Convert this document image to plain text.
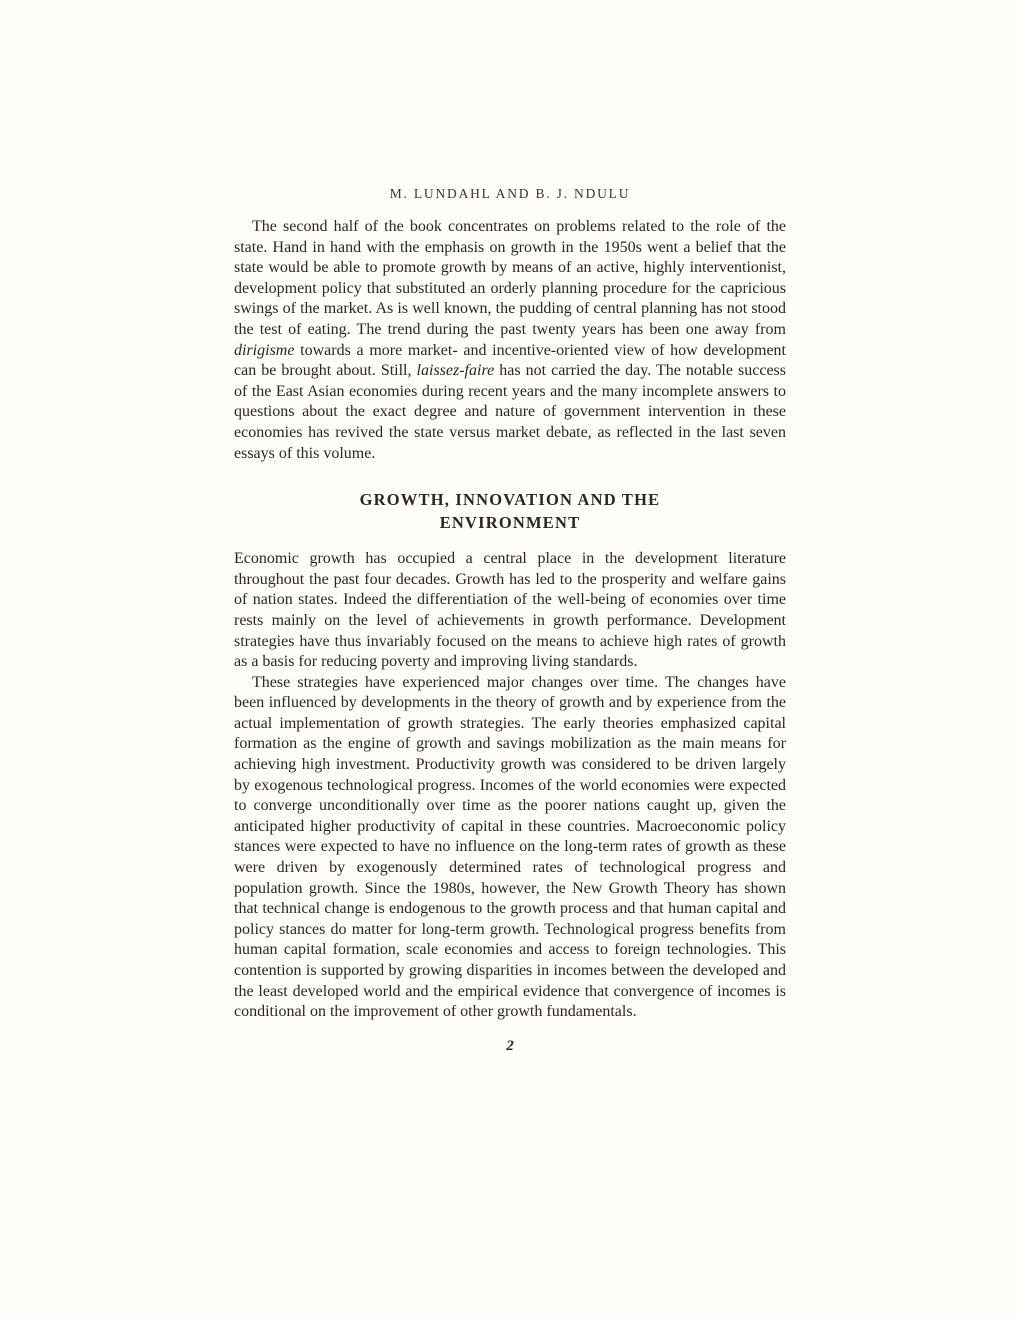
M. LUNDAHL AND B. J. NDULU

The second half of the book concentrates on problems related to the role of the state. Hand in hand with the emphasis on growth in the 1950s went a belief that the state would be able to promote growth by means of an active, highly interventionist, development policy that substituted an orderly planning procedure for the capricious swings of the market. As is well known, the pudding of central planning has not stood the test of eating. The trend during the past twenty years has been one away from dirigisme towards a more market- and incentive-oriented view of how development can be brought about. Still, laissez-faire has not carried the day. The notable success of the East Asian economies during recent years and the many incomplete answers to questions about the exact degree and nature of government intervention in these economies has revived the state versus market debate, as reflected in the last seven essays of this volume.

GROWTH, INNOVATION AND THE
ENVIRONMENT

Economic growth has occupied a central place in the development literature throughout the past four decades. Growth has led to the prosperity and welfare gains of nation states. Indeed the differentiation of the well-being of economies over time rests mainly on the level of achievements in growth performance. Development strategies have thus invariably focused on the means to achieve high rates of growth as a basis for reducing poverty and improving living standards.

These strategies have experienced major changes over time. The changes have been influenced by developments in the theory of growth and by experience from the actual implementation of growth strategies. The early theories emphasized capital formation as the engine of growth and savings mobilization as the main means for achieving high investment. Productivity growth was considered to be driven largely by exogenous technological progress. Incomes of the world economies were expected to converge unconditionally over time as the poorer nations caught up, given the anticipated higher productivity of capital in these countries. Macroeconomic policy stances were expected to have no influence on the long-term rates of growth as these were driven by exogenously determined rates of technological progress and population growth. Since the 1980s, however, the New Growth Theory has shown that technical change is endogenous to the growth process and that human capital and policy stances do matter for long-term growth. Technological progress benefits from human capital formation, scale economies and access to foreign technologies. This contention is supported by growing disparities in incomes between the developed and the least developed world and the empirical evidence that convergence of incomes is conditional on the improvement of other growth fundamentals.

2
